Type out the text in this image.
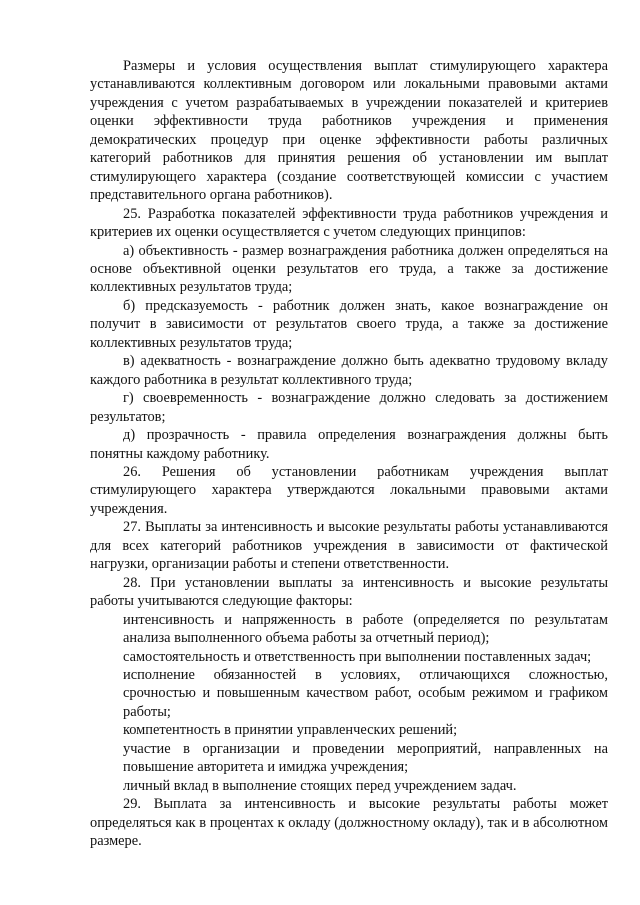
Размеры и условия осуществления выплат стимулирующего характера устанавливаются коллективным договором или локальными правовыми актами учреждения с учетом разрабатываемых в учреждении показателей и критериев оценки эффективности труда работников учреждения и применения демократических процедур при оценке эффективности работы различных категорий работников для принятия решения об установлении им выплат стимулирующего характера (создание соответствующей комиссии с участием представительного органа работников).

25. Разработка показателей эффективности труда работников учреждения и критериев их оценки осуществляется с учетом следующих принципов:

а) объективность - размер вознаграждения работника должен определяться на основе объективной оценки результатов его труда, а также за достижение коллективных результатов труда;

б) предсказуемость - работник должен знать, какое вознаграждение он получит в зависимости от результатов своего труда, а также за достижение коллективных результатов труда;

в) адекватность - вознаграждение должно быть адекватно трудовому вкладу каждого работника в результат коллективного труда;

г) своевременность - вознаграждение должно следовать за достижением результатов;

д) прозрачность - правила определения вознаграждения должны быть понятны каждому работнику.

26. Решения об установлении работникам учреждения выплат стимулирующего характера утверждаются локальными правовыми актами учреждения.

27. Выплаты за интенсивность и высокие результаты работы устанавливаются для всех категорий работников учреждения в зависимости от фактической нагрузки, организации работы и степени ответственности.

28. При установлении выплаты за интенсивность и высокие результаты работы учитываются следующие факторы:

интенсивность и напряженность в работе (определяется по результатам анализа выполненного объема работы за отчетный период);

самостоятельность и ответственность при выполнении поставленных задач;

исполнение обязанностей в условиях, отличающихся сложностью, срочностью и повышенным качеством работ, особым режимом и графиком работы;

компетентность в принятии управленческих решений;

участие в организации и проведении мероприятий, направленных на повышение авторитета и имиджа учреждения;

личный вклад в выполнение стоящих перед учреждением задач.

29. Выплата за интенсивность и высокие результаты работы может определяться как в процентах к окладу (должностному окладу), так и в абсолютном размере.
